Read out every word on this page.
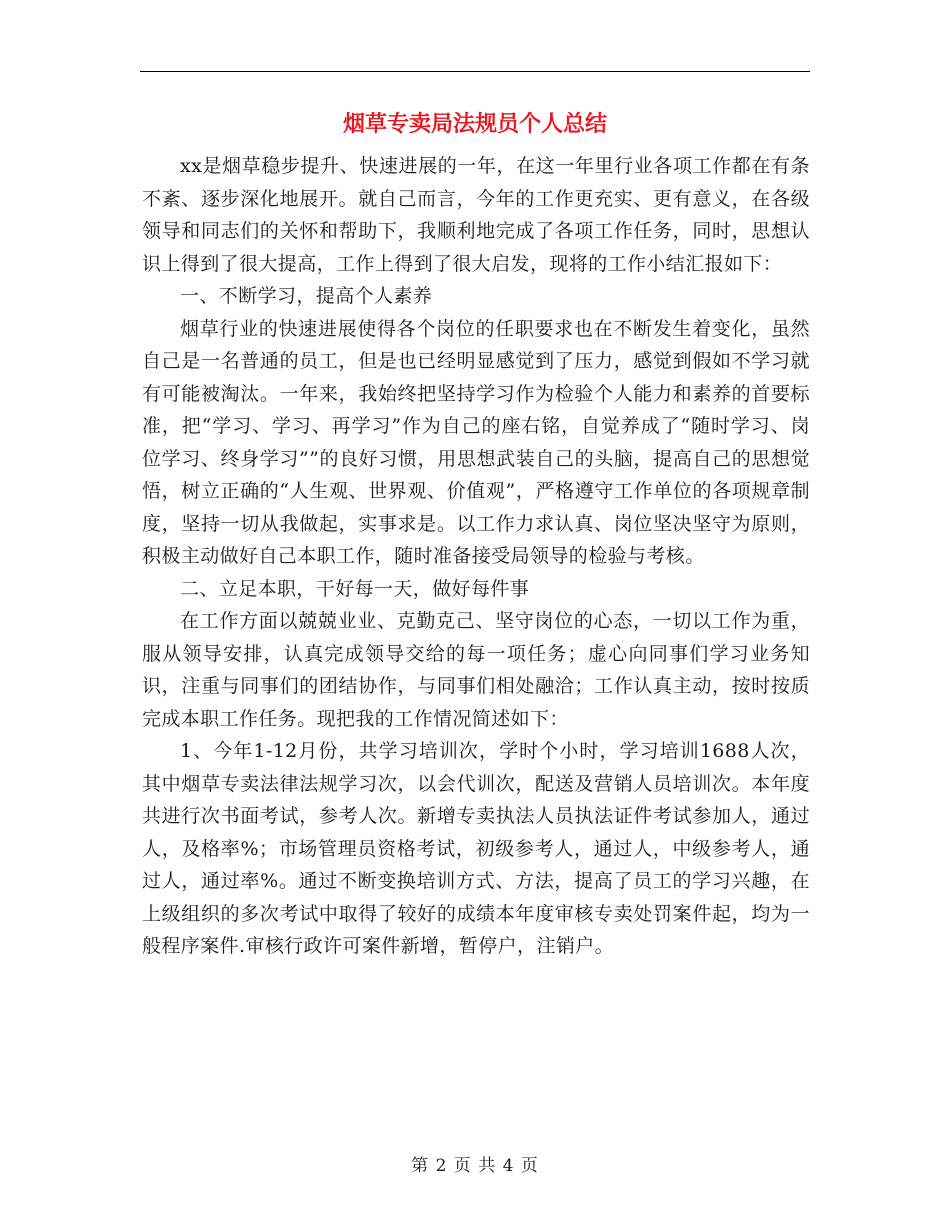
烟草专卖局法规员个人总结

xx是烟草稳步提升、快速进展的一年，在这一年里行业各项工作都在有条不紊、逐步深化地展开。就自己而言，今年的工作更充实、更有意义，在各级领导和同志们的关怀和帮助下，我顺利地完成了各项工作任务，同时，思想认识上得到了很大提高，工作上得到了很大启发，现将的工作小结汇报如下：

一、不断学习，提高个人素养

烟草行业的快速进展使得各个岗位的任职要求也在不断发生着变化，虽然自己是一名普通的员工，但是也已经明显感觉到了压力，感觉到假如不学习就有可能被淘汰。一年来，我始终把坚持学习作为检验个人能力和素养的首要标准，把“学习、学习、再学习”作为自己的座右铭，自觉养成了“随时学习、岗位学习、终身学习””的良好习惯，用思想武装自己的头脑，提高自己的思想觉悟，树立正确的“人生观、世界观、价值观”，严格遵守工作单位的各项规章制度，坚持一切从我做起，实事求是。以工作力求认真、岗位坚决坚守为原则，积极主动做好自己本职工作，随时准备接受局领导的检验与考核。

二、立足本职，干好每一天，做好每件事

在工作方面以兢兢业业、克勤克己、坚守岗位的心态，一切以工作为重，服从领导安排，认真完成领导交给的每一项任务；虚心向同事们学习业务知识，注重与同事们的团结协作，与同事们相处融洽；工作认真主动，按时按质完成本职工作任务。现把我的工作情况简述如下：

1、今年1-12月份，共学习培训次，学时个小时，学习培训1688人次，其中烟草专卖法律法规学习次，以会代训次，配送及营销人员培训次。本年度共进行次书面考试，参考人次。新增专卖执法人员执法证件考试参加人，通过人，及格率%；市场管理员资格考试，初级参考人，通过人，中级参考人，通过人，通过率%。通过不断变换培训方式、方法，提高了员工的学习兴趣，在上级组织的多次考试中取得了较好的成绩本年度审核专卖处罚案件起，均为一般程序案件.审核行政许可案件新增，暂停户，注销户。

第 2 页 共 4 页
